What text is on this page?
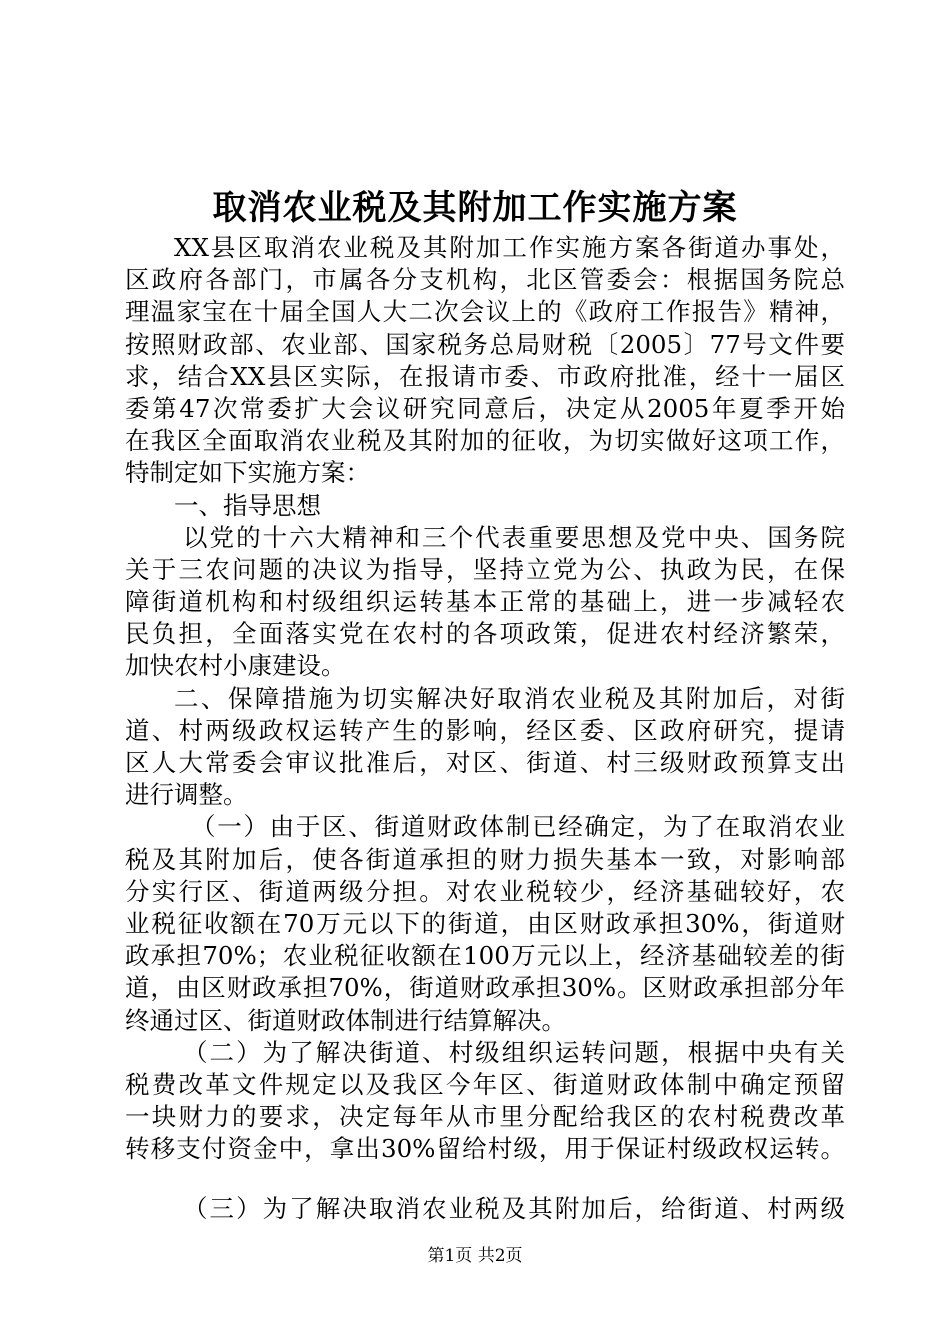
取消农业税及其附加工作实施方案
XX县区取消农业税及其附加工作实施方案各街道办事处，
区政府各部门，市属各分支机构，北区管委会：根据国务院总
理温家宝在十届全国人大二次会议上的《政府工作报告》精神，
按照财政部、农业部、国家税务总局财税〔2005〕77号文件要
求，结合XX县区实际，在报请市委、市政府批准，经十一届区
委第47次常委扩大会议研究同意后，决定从2005年夏季开始
在我区全面取消农业税及其附加的征收，为切实做好这项工作，
特制定如下实施方案：
一、指导思想
以党的十六大精神和三个代表重要思想及党中央、国务院
关于三农问题的决议为指导，坚持立党为公、执政为民，在保
障街道机构和村级组织运转基本正常的基础上，进一步减轻农
民负担，全面落实党在农村的各项政策，促进农村经济繁荣，
加快农村小康建设。
二、保障措施为切实解决好取消农业税及其附加后，对街
道、村两级政权运转产生的影响，经区委、区政府研究，提请
区人大常委会审议批准后，对区、街道、村三级财政预算支出
进行调整。
（一）由于区、街道财政体制已经确定，为了在取消农业
税及其附加后，使各街道承担的财力损失基本一致，对影响部
分实行区、街道两级分担。对农业税较少，经济基础较好，农
业税征收额在70万元以下的街道，由区财政承担30%，街道财
政承担70%；农业税征收额在100万元以上，经济基础较差的街
道，由区财政承担70%，街道财政承担30%。区财政承担部分年
终通过区、街道财政体制进行结算解决。
（二）为了解决街道、村级组织运转问题，根据中央有关
税费改革文件规定以及我区今年区、街道财政体制中确定预留
一块财力的要求，决定每年从市里分配给我区的农村税费改革
转移支付资金中，拿出30%留给村级，用于保证村级政权运转。
（三）为了解决取消农业税及其附加后，给街道、村两级
第1页 共2页
